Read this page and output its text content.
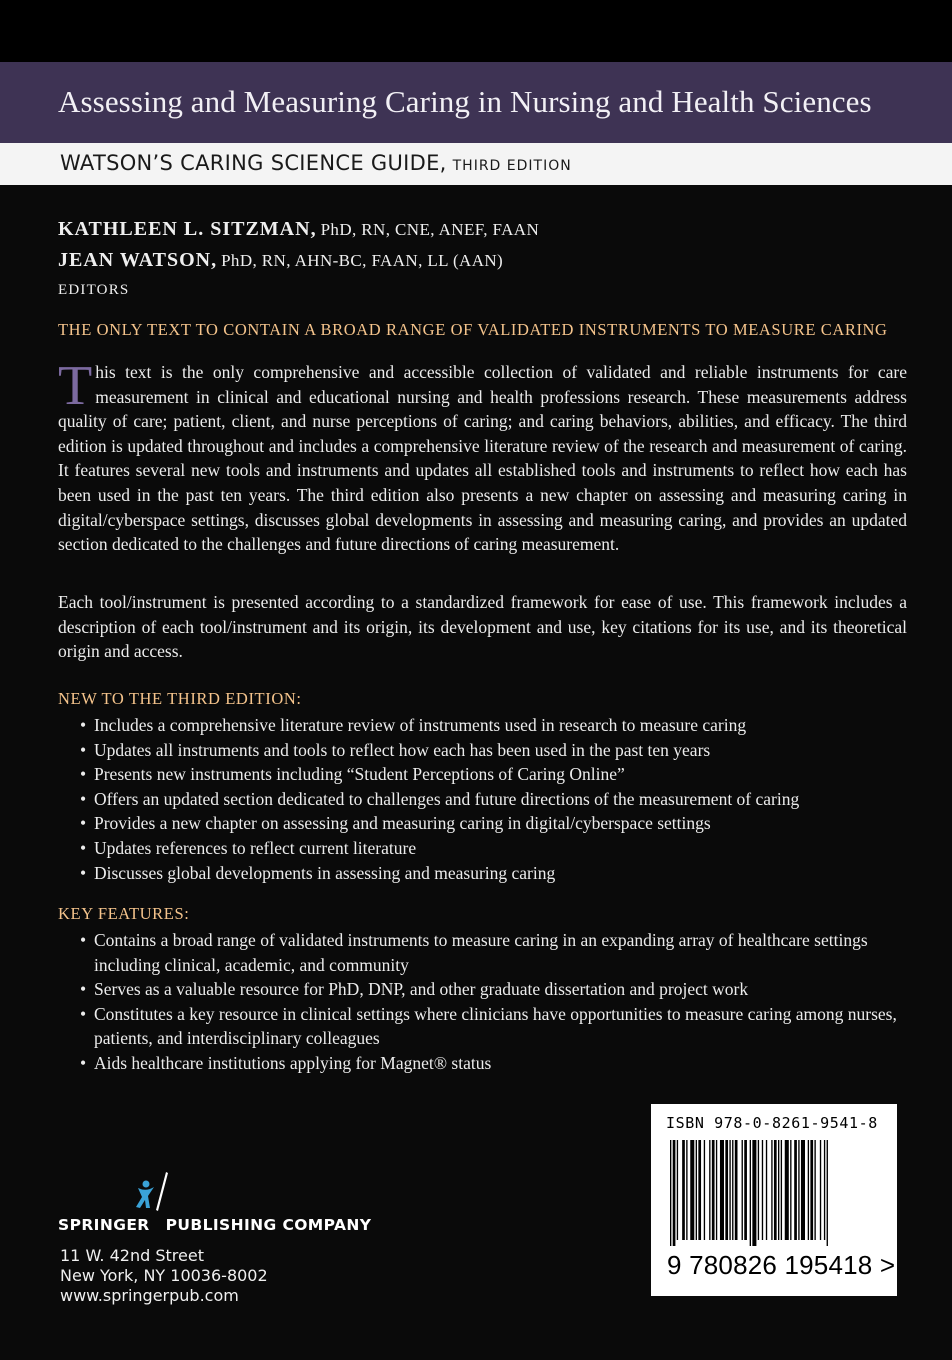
Assessing and Measuring Caring in Nursing and Health Sciences
WATSON’S CARING SCIENCE GUIDE, THIRD EDITION
KATHLEEN L. SITZMAN, PhD, RN, CNE, ANEF, FAAN
JEAN WATSON, PhD, RN, AHN-BC, FAAN, LL (AAN)
EDITORS
THE ONLY TEXT TO CONTAIN A BROAD RANGE OF VALIDATED INSTRUMENTS TO MEASURE CARING
This text is the only comprehensive and accessible collection of validated and reliable instruments for care measurement in clinical and educational nursing and health professions research. These measurements address quality of care; patient, client, and nurse perceptions of caring; and caring behaviors, abilities, and efficacy. The third edition is updated throughout and includes a comprehensive literature review of the research and measurement of caring. It features several new tools and instruments and updates all established tools and instruments to reflect how each has been used in the past ten years. The third edition also presents a new chapter on assessing and measuring caring in digital/cyberspace settings, discusses global developments in assessing and measuring caring, and provides an updated section dedicated to the challenges and future directions of caring measurement.
Each tool/instrument is presented according to a standardized framework for ease of use. This framework includes a description of each tool/instrument and its origin, its development and use, key citations for its use, and its theoretical origin and access.
NEW TO THE THIRD EDITION:
• Includes a comprehensive literature review of instruments used in research to measure caring
• Updates all instruments and tools to reflect how each has been used in the past ten years
• Presents new instruments including “Student Perceptions of Caring Online”
• Offers an updated section dedicated to challenges and future directions of the measurement of caring
• Provides a new chapter on assessing and measuring caring in digital/cyberspace settings
• Updates references to reflect current literature
• Discusses global developments in assessing and measuring caring
KEY FEATURES:
• Contains a broad range of validated instruments to measure caring in an expanding array of healthcare settings including clinical, academic, and community
• Serves as a valuable resource for PhD, DNP, and other graduate dissertation and project work
• Constitutes a key resource in clinical settings where clinicians have opportunities to measure caring among nurses, patients, and interdisciplinary colleagues
• Aids healthcare institutions applying for Magnet® status
ISBN 978-0-8261-9541-8
9 780826 195418 >
SPRINGER PUBLISHING COMPANY
11 W. 42nd Street
New York, NY 10036-8002
www.springerpub.com
